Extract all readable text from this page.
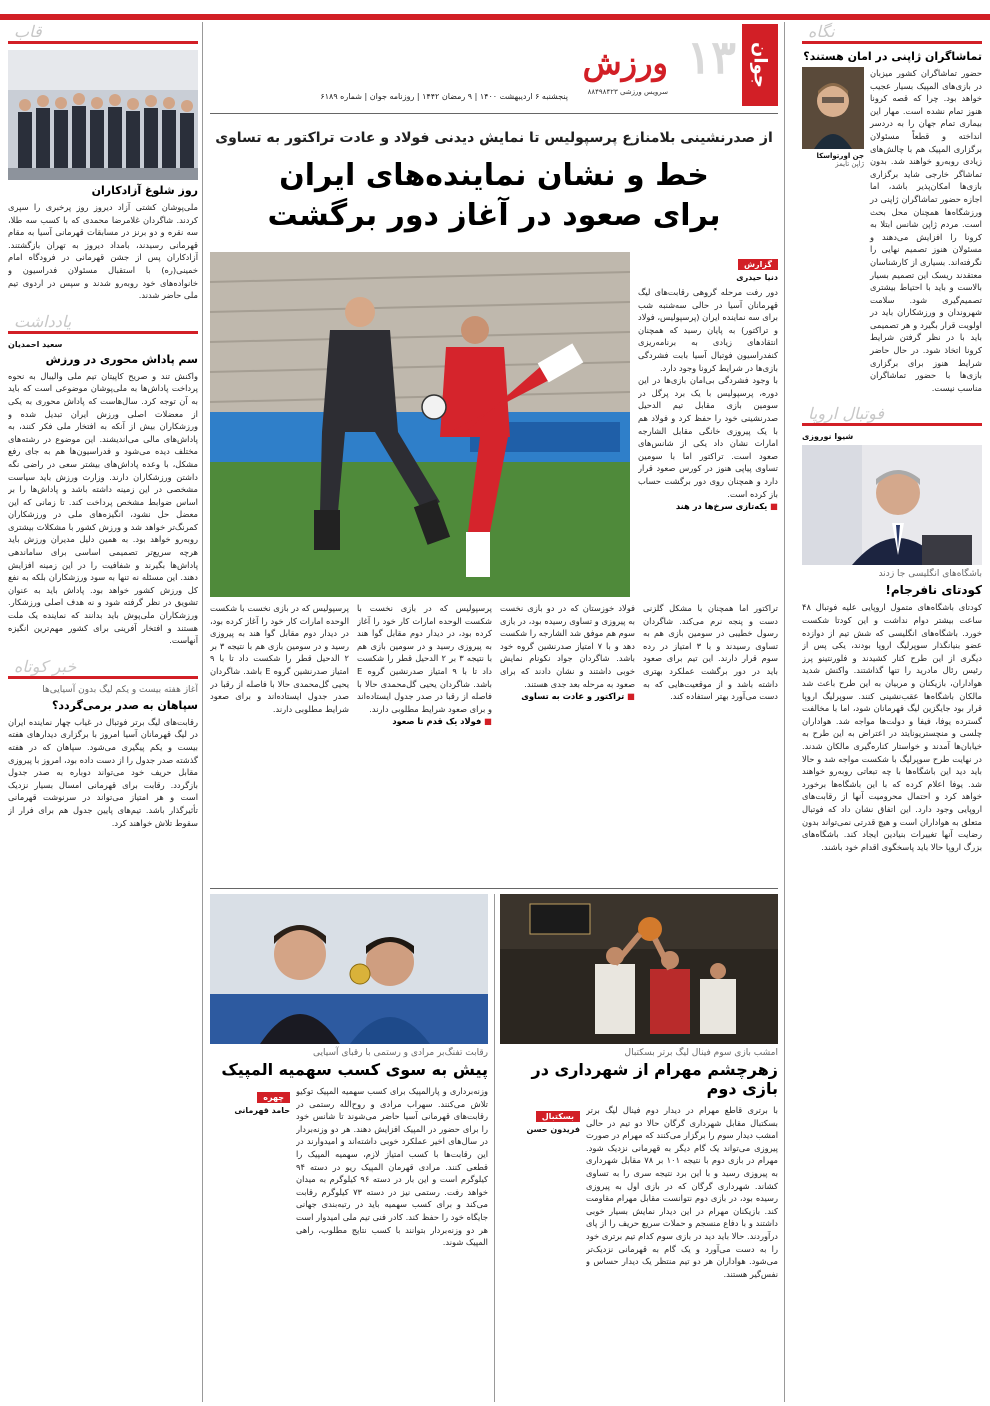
نگاه
تماشاگران ژاپنی در امان هستند؟
حضور تماشاگران کشور میزبان در بازی‌های المپیک بسیار عجیب خواهد بود. چرا که قصه کرونا هنوز تمام نشده است. مهار این بیماری تمام جهان را به دردسر انداخته و قطعاً مسئولان برگزاری المپیک هم با چالش‌های زیادی روبه‌رو خواهند شد. بدون تماشاگر خارجی شاید برگزاری بازی‌ها امکان‌پذیر باشد، اما اجازه حضور تماشاگران ژاپنی در ورزشگاه‌ها همچنان محل بحث است. مردم ژاپن شانس ابتلا به کرونا را افزایش می‌دهند و مسئولان هنوز تصمیم نهایی را نگرفته‌اند. بسیاری از کارشناسان معتقدند ریسک این تصمیم بسیار بالاست و باید با احتیاط بیشتری تصمیم‌گیری شود. سلامت شهروندان و ورزشکاران باید در اولویت قرار بگیرد و هر تصمیمی باید با در نظر گرفتن شرایط کرونا اتخاذ شود. در حال حاضر شرایط هنوز برای برگزاری بازی‌ها با حضور تماشاگران مناسب نیست.
جن اورتواسکا
ژاپن تایمز
فوتبال اروپا
شیوا نوروزی
باشگاه‌های انگلیسی جا زدند
کودتای نافرجام!
کودتای باشگاه‌های متمول اروپایی علیه فوتبال ۴۸ ساعت بیشتر دوام نداشت و این کودتا شکست خورد. باشگاه‌های انگلیسی که شش تیم از دوازده عضو بنیانگذار سوپرلیگ اروپا بودند، یکی پس از دیگری از این طرح کنار کشیدند و فلورنتینو پرز رئیس رئال مادرید را تنها گذاشتند. واکنش شدید هواداران، بازیکنان و مربیان به این طرح باعث شد مالکان باشگاه‌ها عقب‌نشینی کنند. سوپرلیگ اروپا قرار بود جایگزین لیگ قهرمانان شود، اما با مخالفت گسترده یوفا، فیفا و دولت‌ها مواجه شد. هواداران چلسی و منچستریونایتد در اعتراض به این طرح به خیابان‌ها آمدند و خواستار کناره‌گیری مالکان شدند. در نهایت طرح سوپرلیگ با شکست مواجه شد و حالا باید دید این باشگاه‌ها با چه تبعاتی روبه‌رو خواهند شد. یوفا اعلام کرده که با این باشگاه‌ها برخورد خواهد کرد و احتمال محرومیت آنها از رقابت‌های اروپایی وجود دارد. این اتفاق نشان داد که فوتبال متعلق به هواداران است و هیچ قدرتی نمی‌تواند بدون رضایت آنها تغییرات بنیادین ایجاد کند. باشگاه‌های بزرگ اروپا حالا باید پاسخگوی اقدام خود باشند.
قاب
روز شلوغ آزادکاران
ملی‌پوشان کشتی آزاد دیروز روز پرخبری را سپری کردند. شاگردان غلامرضا محمدی که با کسب سه طلا، سه نقره و دو برنز در مسابقات قهرمانی آسیا به مقام قهرمانی رسیدند، بامداد دیروز به تهران بازگشتند. آزادکاران پس از جشن قهرمانی در فرودگاه امام خمینی(ره) با استقبال مسئولان فدراسیون و خانواده‌های خود روبه‌رو شدند و سپس در اردوی تیم ملی حاضر شدند.
یادداشت
سعید احمدیان
سم پاداش محوری در ورزش
واکنش تند و صریح کاپیتان تیم ملی والیبال به نحوه پرداخت پاداش‌ها به ملی‌پوشان موضوعی است که باید به آن توجه کرد. سال‌هاست که پاداش محوری به یکی از معضلات اصلی ورزش ایران تبدیل شده و ورزشکاران بیش از آنکه به افتخار ملی فکر کنند، به پاداش‌های مالی می‌اندیشند. این موضوع در رشته‌های مختلف دیده می‌شود و فدراسیون‌ها هم به جای رفع مشکل، با وعده پاداش‌های بیشتر سعی در راضی نگه داشتن ورزشکاران دارند. وزارت ورزش باید سیاست مشخصی در این زمینه داشته باشد و پاداش‌ها را بر اساس ضوابط مشخص پرداخت کند. تا زمانی که این معضل حل نشود، انگیزه‌های ملی در ورزشکاران کمرنگ‌تر خواهد شد و ورزش کشور با مشکلات بیشتری روبه‌رو خواهد بود. به همین دلیل مدیران ورزش باید هرچه سریع‌تر تصمیمی اساسی برای ساماندهی پاداش‌ها بگیرند و شفافیت را در این زمینه افزایش دهند. این مسئله نه تنها به سود ورزشکاران بلکه به نفع کل ورزش کشور خواهد بود. پاداش باید به عنوان تشویق در نظر گرفته شود و نه هدف اصلی ورزشکار. ورزشکاران ملی‌پوش باید بدانند که نماینده یک ملت هستند و افتخار آفرینی برای کشور مهم‌ترین انگیزه آنهاست.
خبر کوتاه
آغاز هفته بیست و یکم لیگ بدون آسیایی‌ها
سپاهان به صدر برمی‌گردد؟
رقابت‌های لیگ برتر فوتبال در غیاب چهار نماینده ایران در لیگ قهرمانان آسیا امروز با برگزاری دیدارهای هفته بیست و یکم پیگیری می‌شود. سپاهان که در هفته گذشته صدر جدول را از دست داده بود، امروز با پیروزی مقابل حریف خود می‌تواند دوباره به صدر جدول بازگردد. رقابت برای قهرمانی امسال بسیار نزدیک است و هر امتیاز می‌تواند در سرنوشت قهرمانی تأثیرگذار باشد. تیم‌های پایین جدول هم برای فرار از سقوط تلاش خواهند کرد.
جوان
۱۳
ورزش
سرویس ورزشی ۸۸۴۹۸۴۲۳
پنجشنبه ۶ اردیبهشت ۱۴۰۰ | ۹ رمضان ۱۴۴۲ | روزنامه جوان | شماره ۶۱۸۹
از صدرنشینی بلامنازع پرسپولیس تا نمایش دیدنی فولاد و عادت تراکتور به تساوی
خط و نشان نماینده‌های ایران
برای صعود در آغاز دور برگشت
گزارش
دنیا حیدری
دور رفت مرحله گروهی رقابت‌های لیگ قهرمانان آسیا در حالی سه‌شنبه شب برای سه نماینده ایران (پرسپولیس، فولاد و تراکتور) به پایان رسید که همچنان انتقادهای زیادی به برنامه‌ریزی کنفدراسیون فوتبال آسیا بابت فشردگی بازی‌ها در شرایط کرونا وجود دارد.
با وجود فشردگی بی‌امان بازی‌ها در این دوره، پرسپولیس با یک برد پرگل در سومین بازی مقابل تیم الدحیل صدرنشینی خود را حفظ کرد و فولاد هم با یک پیروزی خانگی مقابل الشارجه امارات نشان داد یکی از شانس‌های صعود است. تراکتور اما با سومین تساوی پیاپی هنوز در کورس صعود قرار دارد و همچنان روی دور برگشت حساب باز کرده است.
■ یکه‌تازی سرخ‌ها در هند
تراکتور اما همچنان با مشکل گلزنی دست و پنجه نرم می‌کند. شاگردان رسول خطیبی در سومین بازی هم به تساوی رسیدند و با ۳ امتیاز در رده سوم قرار دارند. این تیم برای صعود باید در دور برگشت عملکرد بهتری داشته باشد و از موقعیت‌هایی که به دست می‌آورد بهتر استفاده کند.
فولاد خوزستان که در دو بازی نخست به پیروزی و تساوی رسیده بود، در بازی سوم هم موفق شد الشارجه را شکست دهد و با ۷ امتیاز صدرنشین گروه خود باشد. شاگردان جواد نکونام نمایش خوبی داشتند و نشان دادند که برای صعود به مرحله بعد جدی هستند.
■ تراکتور و عادت به تساوی
پرسپولیس که در بازی نخست با شکست الوحده امارات کار خود را آغاز کرده بود، در دیدار دوم مقابل گوا هند به پیروزی رسید و در سومین بازی هم با نتیجه ۳ بر ۲ الدحیل قطر را شکست داد تا با ۹ امتیاز صدرنشین گروه E باشد. شاگردان یحیی گل‌محمدی حالا با فاصله از رقبا در صدر جدول ایستاده‌اند و برای صعود شرایط مطلوبی دارند.
■ فولاد یک قدم تا صعود
پرسپولیس که در بازی نخست با شکست الوحده امارات کار خود را آغاز کرده بود، در دیدار دوم مقابل گوا هند به پیروزی رسید و در سومین بازی هم با نتیجه ۳ بر ۲ الدحیل قطر را شکست داد تا با ۹ امتیاز صدرنشین گروه E باشد. شاگردان یحیی گل‌محمدی حالا با فاصله از رقبا در صدر جدول ایستاده‌اند و برای صعود شرایط مطلوبی دارند.
امشب بازی سوم فینال لیگ برتر بسکتبال
زهرچشم مهرام از شهرداری در بازی دوم
با برتری قاطع مهرام در دیدار دوم فینال لیگ برتر بسکتبال مقابل شهرداری گرگان حالا دو تیم در حالی امشب دیدار سوم را برگزار می‌کنند که مهرام در صورت پیروزی می‌تواند یک گام دیگر به قهرمانی نزدیک شود. مهرام در بازی دوم با نتیجه ۱۰۱ بر ۷۸ مقابل شهرداری به پیروزی رسید و با این برد نتیجه سری را به تساوی کشاند. شهرداری گرگان که در بازی اول به پیروزی رسیده بود، در بازی دوم نتوانست مقابل مهرام مقاومت کند. بازیکنان مهرام در این دیدار نمایش بسیار خوبی داشتند و با دفاع منسجم و حملات سریع حریف را از پای درآوردند. حالا باید دید در بازی سوم کدام تیم برتری خود را به دست می‌آورد و یک گام به قهرمانی نزدیک‌تر می‌شود. هواداران هر دو تیم منتظر یک دیدار حساس و نفس‌گیر هستند.
بسکتبال
فریدون حسن
رقابت تفنگ‌بر مرادی و رستمی با رقبای آسیایی
پیش به سوی کسب سهمیه المپیک
وزنه‌برداری و پارالمپیک برای کسب سهمیه المپیک توکیو تلاش می‌کنند. سهراب مرادی و روح‌الله رستمی در رقابت‌های قهرمانی آسیا حاضر می‌شوند تا شانس خود را برای حضور در المپیک افزایش دهند. هر دو وزنه‌بردار در سال‌های اخیر عملکرد خوبی داشته‌اند و امیدوارند در این رقابت‌ها با کسب امتیاز لازم، سهمیه المپیک را قطعی کنند. مرادی قهرمان المپیک ریو در دسته ۹۴ کیلوگرم است و این بار در دسته ۹۶ کیلوگرم به میدان خواهد رفت. رستمی نیز در دسته ۷۳ کیلوگرم رقابت می‌کند و برای کسب سهمیه باید در رتبه‌بندی جهانی جایگاه خود را حفظ کند. کادر فنی تیم ملی امیدوار است هر دو وزنه‌بردار بتوانند با کسب نتایج مطلوب، راهی المپیک شوند.
چهره
حامد قهرمانی
